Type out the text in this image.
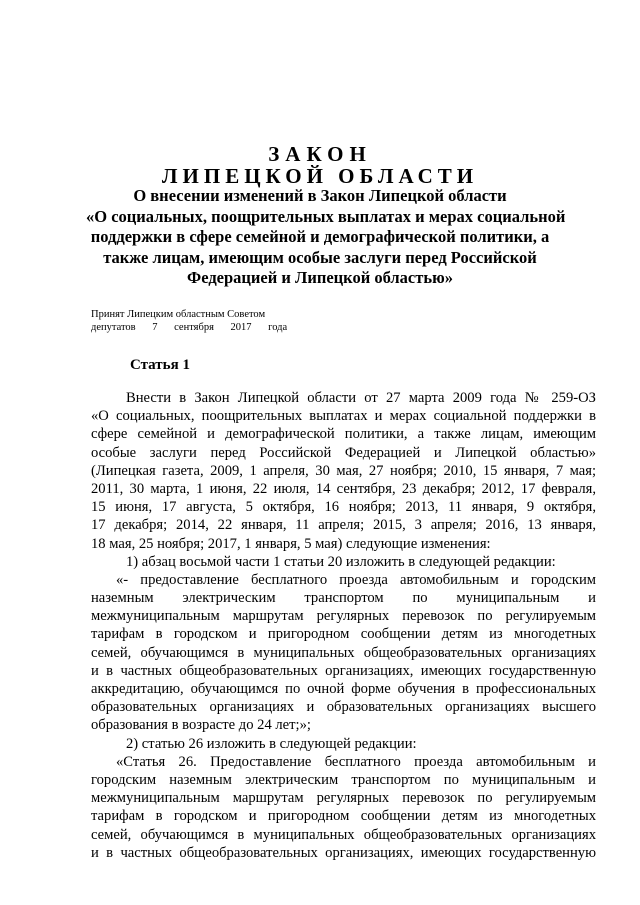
ЗАКОН
ЛИПЕЦКОЙ ОБЛАСТИ
О внесении изменений в Закон Липецкой области
«О социальных, поощрительных выплатах и мерах социальной
поддержки в сфере семейной и демографической политики, а
также лицам, имеющим особые заслуги перед Российской
Федерацией и Липецкой областью»
Принят Липецким областным Советом
депутатов 7 сентября 2017 года
Статья 1
Внести в Закон Липецкой области от 27 марта 2009 года № 259-ОЗ
«О социальных, поощрительных выплатах и мерах социальной поддержки в
сфере семейной и демографической политики, а также лицам, имеющим
особые заслуги перед Российской Федерацией и Липецкой областью»
(Липецкая газета, 2009, 1 апреля, 30 мая, 27 ноября; 2010, 15 января, 7 мая;
2011, 30 марта, 1 июня, 22 июля, 14 сентября, 23 декабря; 2012, 17 февраля,
15 июня, 17 августа, 5 октября, 16 ноября; 2013, 11 января, 9 октября,
17 декабря; 2014, 22 января, 11 апреля; 2015, 3 апреля; 2016, 13 января,
18 мая, 25 ноября; 2017, 1 января, 5 мая) следующие изменения:
1) абзац восьмой части 1 статьи 20 изложить в следующей редакции:
«- предоставление бесплатного проезда автомобильным и городским
наземным электрическим транспортом по муниципальным и
межмуниципальным маршрутам регулярных перевозок по регулируемым
тарифам в городском и пригородном сообщении детям из многодетных
семей, обучающимся в муниципальных общеобразовательных организациях
и в частных общеобразовательных организациях, имеющих государственную
аккредитацию, обучающимся по очной форме обучения в профессиональных
образовательных организациях и образовательных организациях высшего
образования в возрасте до 24 лет;»;
2) статью 26 изложить в следующей редакции:
«Статья 26. Предоставление бесплатного проезда автомобильным и
городским наземным электрическим транспортом по муниципальным и
межмуниципальным маршрутам регулярных перевозок по регулируемым
тарифам в городском и пригородном сообщении детям из многодетных
семей, обучающимся в муниципальных общеобразовательных организациях
и в частных общеобразовательных организациях, имеющих государственную
